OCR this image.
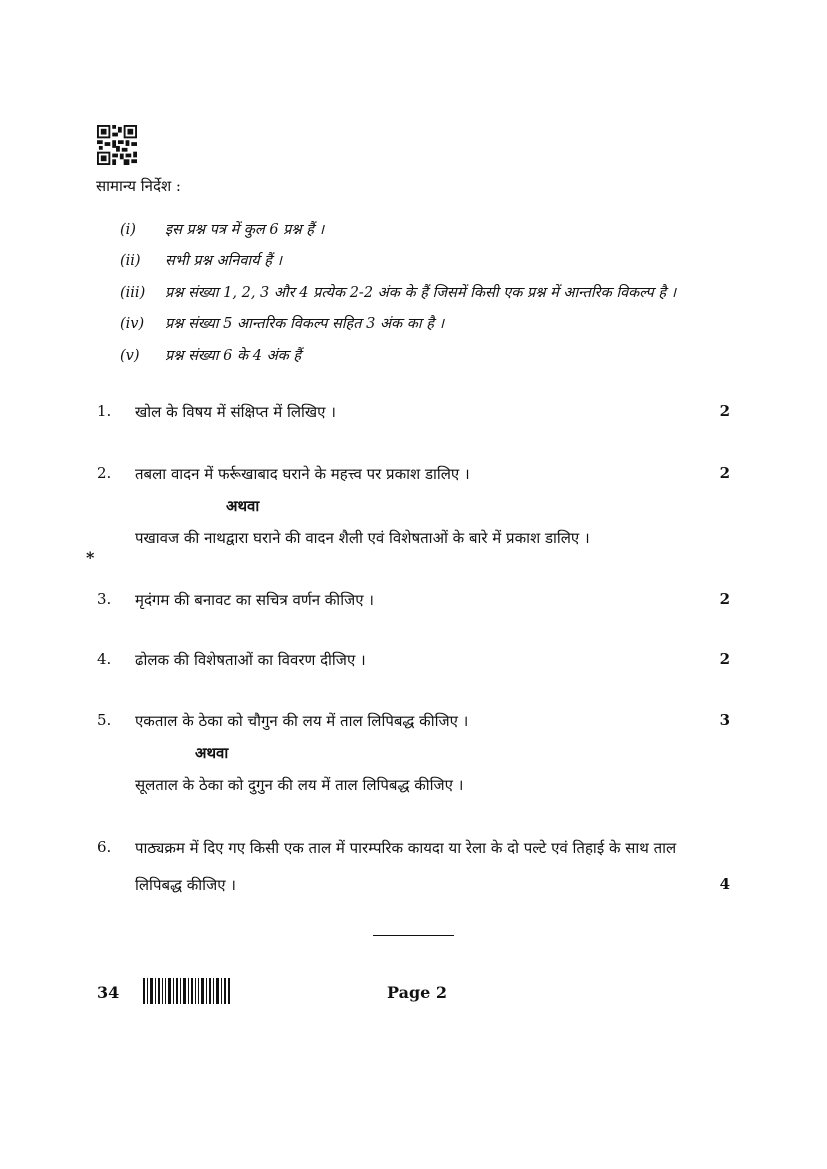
सामान्य निर्देश :
(i) इस प्रश्न पत्र में कुल 6 प्रश्न हैं ।
(ii) सभी प्रश्न अनिवार्य हैं ।
(iii) प्रश्न संख्या 1, 2, 3 और 4 प्रत्येक 2-2 अंक के हैं जिसमें किसी एक प्रश्न में आन्तरिक विकल्प है ।
(iv) प्रश्न संख्या 5 आन्तरिक विकल्प सहित 3 अंक का है ।
(v) प्रश्न संख्या 6 के 4 अंक हैं
1. खोल के विषय में संक्षिप्त में लिखिए ।	2
2. तबला वादन में फर्रूखाबाद घराने के महत्त्व पर प्रकाश डालिए ।	2
अथवा
पखावज की नाथद्वारा घराने की वादन शैली एवं विशेषताओं के बारे में प्रकाश डालिए ।
*
3. मृदंगम की बनावट का सचित्र वर्णन कीजिए ।	2
4. ढोलक की विशेषताओं का विवरण दीजिए ।	2
5. एकताल के ठेका को चौगुन की लय में ताल लिपिबद्ध कीजिए ।	3
अथवा
सूलताल के ठेका को दुगुन की लय में ताल लिपिबद्ध कीजिए ।
6. पाठ्यक्रम में दिए गए किसी एक ताल में पारम्परिक कायदा या रेला के दो पल्टे एवं तिहाई के साथ ताल
लिपिबद्ध कीजिए ।	4
34	Page 2
